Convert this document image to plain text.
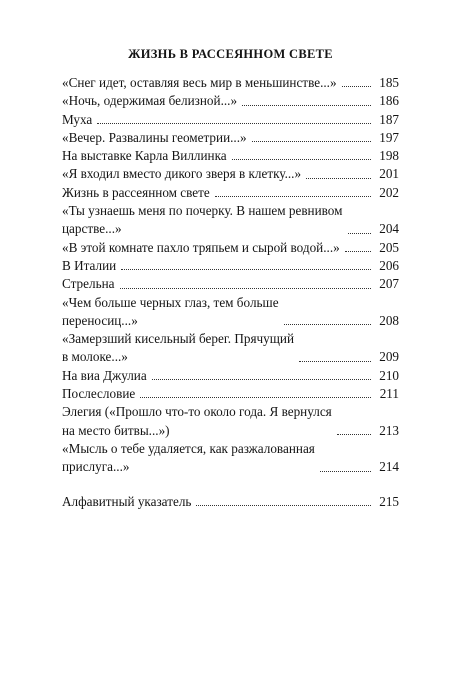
ЖИЗНЬ В РАССЕЯННОМ СВЕТЕ
«Снег идет, оставляя весь мир в меньшинстве...»	185
«Ночь, одержимая белизной...»	186
Муха	187
«Вечер. Развалины геометрии...»	197
На выставке Карла Виллинка	198
«Я входил вместо дикого зверя в клетку...»	201
Жизнь в рассеянном свете	202
«Ты узнаешь меня по почерку. В нашем ревнивом
царстве...»	204
«В этой комнате пахло тряпьем и сырой водой...»	205
В Италии	206
Стрельна	207
«Чем больше черных глаз, тем больше
переносиц...»	208
«Замерзший кисельный берег. Прячущий
в молоке...»	209
На виа Джулиа	210
Послесловие	211
Элегия («Прошло что-то около года. Я вернулся
на место битвы...»)	213
«Мысль о тебе удаляется, как разжалованная
прислуга...»	214
Алфавитный указатель	215
